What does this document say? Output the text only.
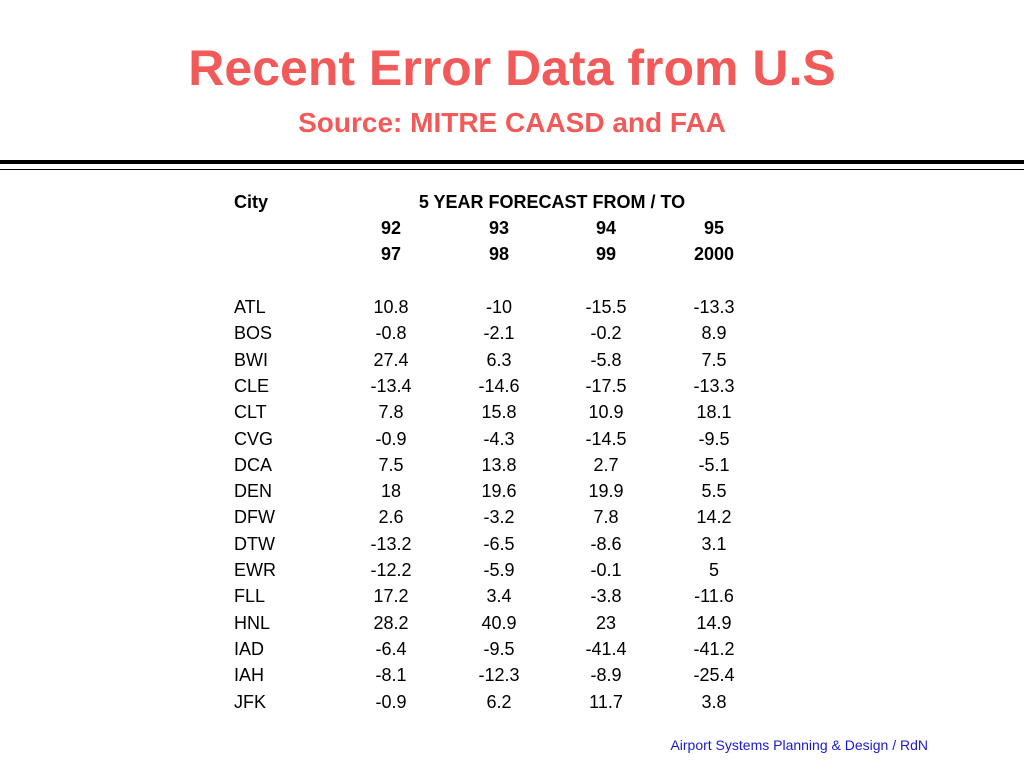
Recent Error Data from U.S
Source: MITRE CAASD and FAA
City	5 YEAR FORECAST FROM / TO
92	93	94	95
97	98	99	2000
ATL	10.8	-10	-15.5	-13.3
BOS	-0.8	-2.1	-0.2	8.9
BWI	27.4	6.3	-5.8	7.5
CLE	-13.4	-14.6	-17.5	-13.3
CLT	7.8	15.8	10.9	18.1
CVG	-0.9	-4.3	-14.5	-9.5
DCA	7.5	13.8	2.7	-5.1
DEN	18	19.6	19.9	5.5
DFW	2.6	-3.2	7.8	14.2
DTW	-13.2	-6.5	-8.6	3.1
EWR	-12.2	-5.9	-0.1	5
FLL	17.2	3.4	-3.8	-11.6
HNL	28.2	40.9	23	14.9
IAD	-6.4	-9.5	-41.4	-41.2
IAH	-8.1	-12.3	-8.9	-25.4
JFK	-0.9	6.2	11.7	3.8
Airport Systems Planning & Design / RdN
